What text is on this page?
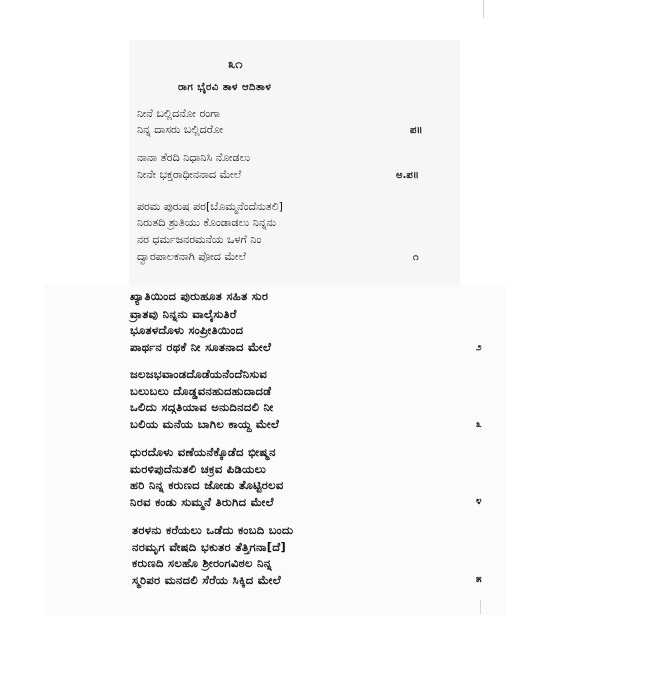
೩೧
ರಾಗ ಭೈರವಿ ತಾಳ ಆದಿತಾಳ
ನೀನೆ ಬಲ್ಲಿದನೋ ರಂಗಾ
ನಿನ್ನ ದಾಸರು ಬಲ್ಲಿದರೋ	ಪ॥
ನಾನಾ ತೆರದಿ ನಿಧಾನಿಸಿ ನೋಡಲು
ನೀನೇ ಭಕ್ತರಾಧೀನನಾದ ಮೇಲೆ	ಅ.ಪ॥
ಪರಮ ಪುರುಷ ಪರ[ಬೊಮ್ಮನೆಂದೆನುತಲಿ]
ನಿರುತದಿ ಶ್ರುತಿಯು ಕೊಂಡಾಡಲು ನಿನ್ನನು
ನರ ಧರ್ಮಜನರಮನೆಯ ಒಳಗೆ ನಿಂ
ದ್ವಾರಪಾಲಕನಾಗಿ ಪೋದ ಮೇಲೆ	೧
ಖ್ಯಾತಿಯಿಂದ ಪುರುಹೂತ ಸಹಿತ ಸುರ
ವ್ರಾತವು ನಿನ್ನನು ವಾಲೈಸುತಿರೆ
ಭೂತಳದೊಳು ಸಂಪ್ರೀತಿಯಿಂದ
ಪಾರ್ಥನ ರಥಕೆ ನೀ ಸೂತನಾದ ಮೇಲೆ	೨
ಜಲಜಭವಾಂಡದೊಡೆಯನೆಂದೆನಿಸುವ
ಬಲುಬಲು ದೊಡ್ಡವನಹುದಹುದಾದಡೆ
ಒಲಿದು ಸದ್ಗತಿಯಾವ ಅನುದಿನದಲಿ ನೀ
ಬಲಿಯ ಮನೆಯ ಬಾಗಿಲ ಕಾಯ್ದ ಮೇಲೆ	೩
ಧುರದೊಳು ವಣೆಯನೆಕ್ಕೊಡೆದ ಭೀಷ್ಮನ
ಮರಳಿಪುದೆನುತಲಿ ಚಕ್ರವ ಪಿಡಿಯಲು
ಹರಿ ನಿನ್ನ ಕರುಣದ ಜೋಡು ತೊಟ್ಟಿರಲವ
ನಿರವ ಕಂಡು ಸುಮ್ಮನೆ ತಿರುಗಿದ ಮೇಲೆ	೪
ತರಳನು ಕರೆಯಲು ಒಡೆದು ಕಂಬದಿ ಬಂದು
ನರಮೃಗ ವೇಷದಿ ಭಕುತರ ತೆತ್ತಿಗನಾ[ದೆ]
ಕರುಣದಿ ಸಲಹೊ ಶ್ರೀರಂಗವಿಠಲ ನಿನ್ನ
ಸ್ಮರಿಪರ ಮನದಲಿ ಸೆರೆಯ ಸಿಕ್ಕಿದ ಮೇಲೆ	೫
